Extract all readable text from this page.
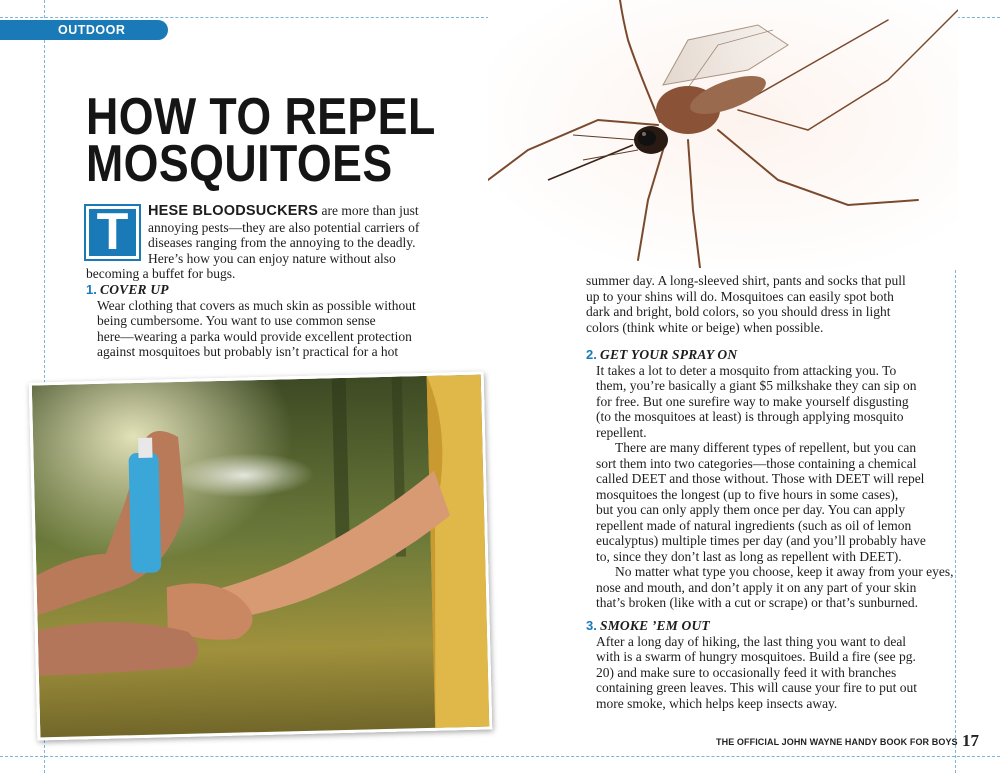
OUTDOOR SKILLS
HOW TO REPEL
MOSQUITOES
T	HESE BLOODSUCKERS are more than just
annoying pests—they are also potential carriers of
diseases ranging from the annoying to the deadly.
Here’s how you can enjoy nature without also
becoming a buffet for bugs.
1. COVER UP
Wear clothing that covers as much skin as possible without
being cumbersome. You want to use common sense
here—wearing a parka would provide excellent protection
against mosquitoes but probably isn’t practical for a hot
summer day. A long-sleeved shirt, pants and socks that pull
up to your shins will do. Mosquitoes can easily spot both
dark and bright, bold colors, so you should dress in light
colors (think white or beige) when possible.
2. GET YOUR SPRAY ON
It takes a lot to deter a mosquito from attacking you. To
them, you’re basically a giant $5 milkshake they can sip on
for free. But one surefire way to make yourself disgusting
(to the mosquitoes at least) is through applying mosquito
repellent.
There are many different types of repellent, but you can
sort them into two categories—those containing a chemical
called DEET and those without. Those with DEET will repel
mosquitoes the longest (up to five hours in some cases),
but you can only apply them once per day. You can apply
repellent made of natural ingredients (such as oil of lemon
eucalyptus) multiple times per day (and you’ll probably have
to, since they don’t last as long as repellent with DEET).
No matter what type you choose, keep it away from your eyes,
nose and mouth, and don’t apply it on any part of your skin
that’s broken (like with a cut or scrape) or that’s sunburned.
3. SMOKE ’EM OUT
After a long day of hiking, the last thing you want to deal
with is a swarm of hungry mosquitoes. Build a fire (see pg.
20) and make sure to occasionally feed it with branches
containing green leaves. This will cause your fire to put out
more smoke, which helps keep insects away.
THE OFFICIAL JOHN WAYNE HANDY BOOK FOR BOYS 17
